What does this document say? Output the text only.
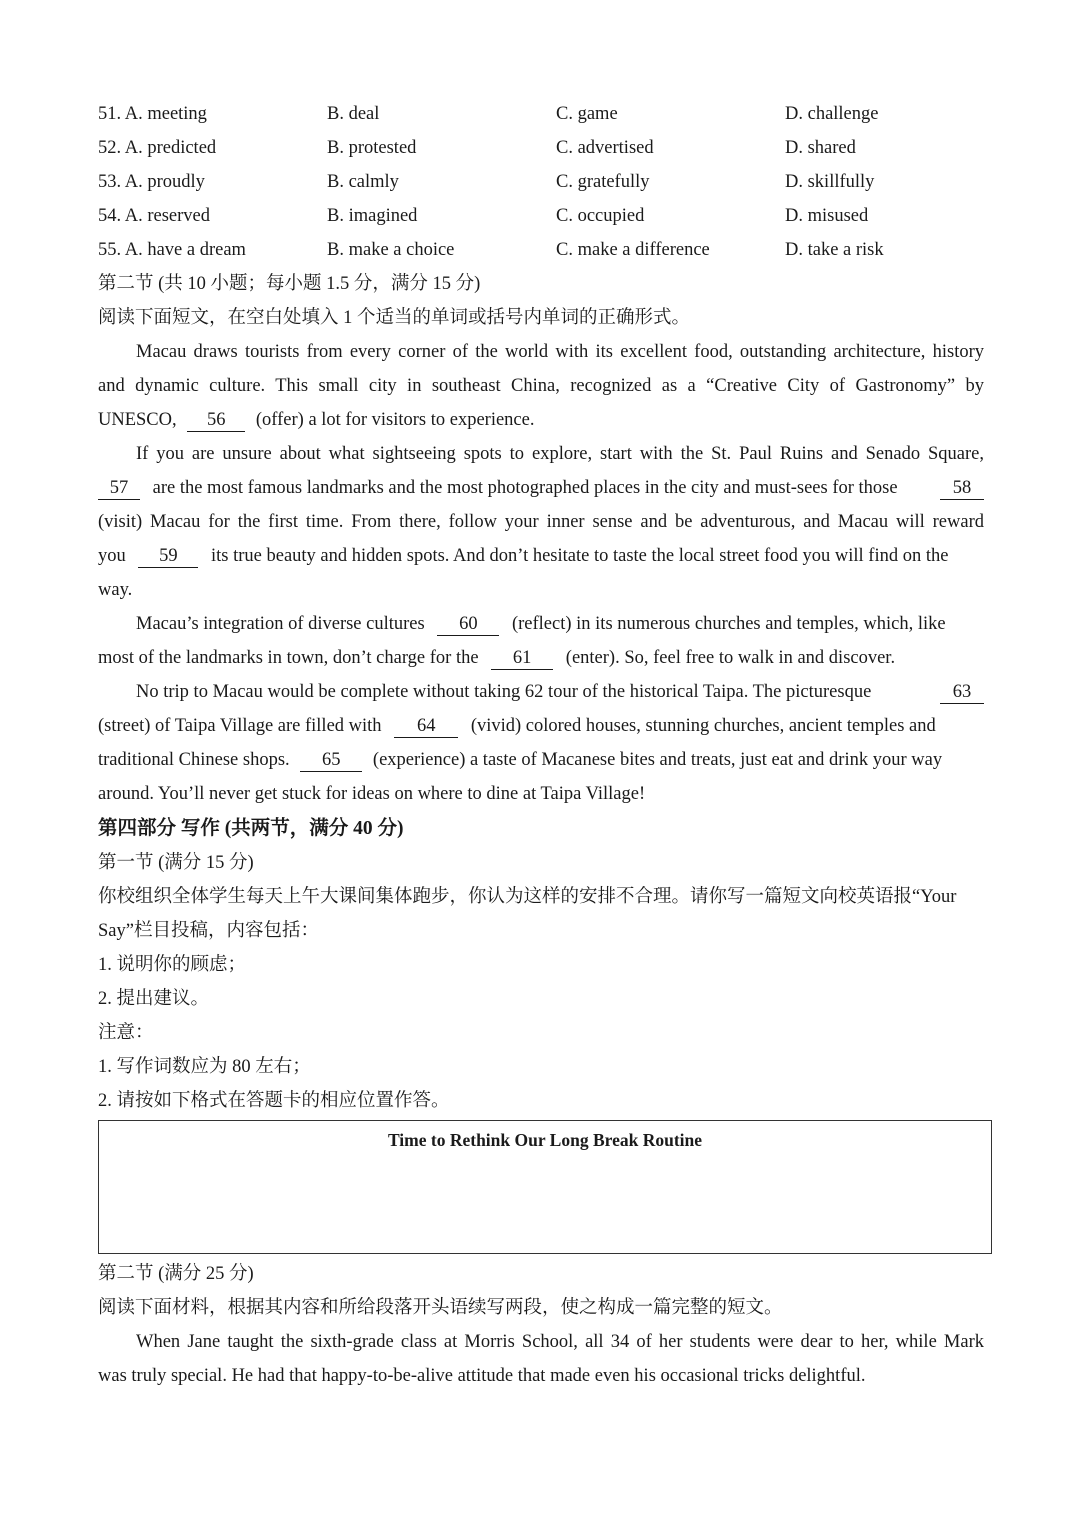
51. A. meeting	B. deal	C. game	D. challenge
52. A. predicted	B. protested	C. advertised	D. shared
53. A. proudly	B. calmly	C. gratefully	D. skillfully
54. A. reserved	B. imagined	C. occupied	D. misused
55. A. have a dream	B. make a choice	C. make a difference	D. take a risk
第二节 (共 10 小题；每小题 1.5 分，满分 15 分)
阅读下面短文，在空白处填入 1 个适当的单词或括号内单词的正确形式。
Macau draws tourists from every corner of the world with its excellent food, outstanding architecture, history
and dynamic culture. This small city in southeast China, recognized as a “Creative City of Gastronomy” by
UNESCO, 56 (offer) a lot for visitors to experience.
If you are unsure about what sightseeing spots to explore, start with the St. Paul Ruins and Senado Square,
57 are the most famous landmarks and the most photographed places in the city and must-sees for those	58
(visit) Macau for the first time. From there, follow your inner sense and be adventurous, and Macau will reward
you 59 its true beauty and hidden spots. And don’t hesitate to taste the local street food you will find on the
way.
Macau’s integration of diverse cultures 60 (reflect) in its numerous churches and temples, which, like
most of the landmarks in town, don’t charge for the 61 (enter). So, feel free to walk in and discover.
No trip to Macau would be complete without taking 62 tour of the historical Taipa. The picturesque	63
(street) of Taipa Village are filled with 64 (vivid) colored houses, stunning churches, ancient temples and
traditional Chinese shops. 65 (experience) a taste of Macanese bites and treats, just eat and drink your way
around. You’ll never get stuck for ideas on where to dine at Taipa Village!
第四部分 写作 (共两节，满分 40 分)
第一节 (满分 15 分)
你校组织全体学生每天上午大课间集体跑步，你认为这样的安排不合理。请你写一篇短文向校英语报“Your
Say”栏目投稿，内容包括：
1. 说明你的顾虑；
2. 提出建议。
注意：
1. 写作词数应为 80 左右；
2. 请按如下格式在答题卡的相应位置作答。
Time to Rethink Our Long Break Routine
第二节 (满分 25 分)
阅读下面材料，根据其内容和所给段落开头语续写两段，使之构成一篇完整的短文。
When Jane taught the sixth-grade class at Morris School, all 34 of her students were dear to her, while Mark
was truly special. He had that happy-to-be-alive attitude that made even his occasional tricks delightful.
